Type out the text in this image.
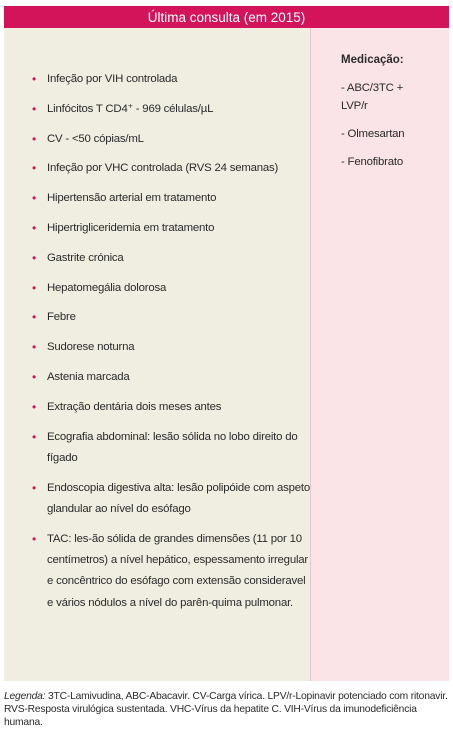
Última consulta (em 2015)
• Infeção por VIH controlada
• Linfócitos T CD4⁺ - 969 células/µL
• CV - <50 cópias/mL
• Infeção por VHC controlada (RVS 24 semanas)
• Hipertensão arterial em tratamento
• Hipertrigliceridemia em tratamento
• Gastrite crónica
• Hepatomegália dolorosa
• Febre
• Sudorese noturna
• Astenia marcada
• Extração dentária dois meses antes
• Ecografia abdominal: lesão sólida no lobo direito do fígado
• Endoscopia digestiva alta: lesão polipóide com aspeto glandular ao nível do esófago
• TAC: les-ão sólida de grandes dimensões (11 por 10 centímetros) a nível hepático, espessamento irregular e concêntrico do esófago com extensão consideravel e vários nódulos a nível do parên-quima pulmonar.
Medicação:
- ABC/3TC + LVP/r
- Olmesartan
- Fenofibrato
Legenda: 3TC-Lamivudina, ABC-Abacavir. CV-Carga vírica. LPV/r-Lopinavir potenciado com ritonavir. RVS-Resposta virulógica sustentada. VHC-Vírus da hepatite C. VIH-Vírus da imunodeficiência humana.
